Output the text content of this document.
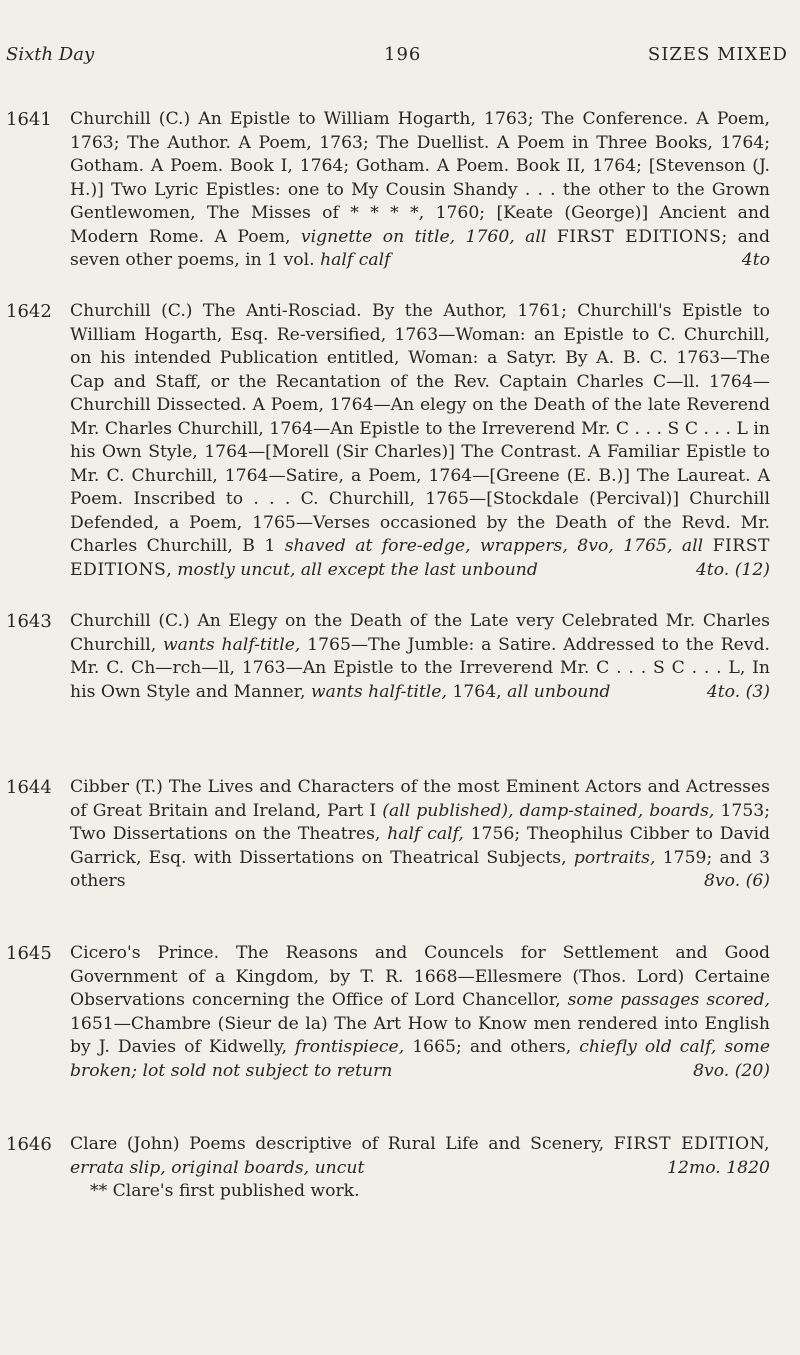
Sixth Day	196	SIZES MIXED
1641 Churchill (C.) An Epistle to William Hogarth, 1763; The Conference. A Poem, 1763; The Author. A Poem, 1763; The Duellist. A Poem in Three Books, 1764; Gotham. A Poem. Book I, 1764; Gotham. A Poem. Book II, 1764; [Stevenson (J. H.)] Two Lyric Epistles: one to My Cousin Shandy . . . the other to the Grown Gentlewomen, The Misses of * * * *, 1760; [Keate (George)] Ancient and Modern Rome. A Poem, vignette on title, 1760, all FIRST EDITIONS; and seven other poems, in 1 vol. half calf	4to
1642 Churchill (C.) The Anti-Rosciad. By the Author, 1761; Churchill's Epistle to William Hogarth, Esq. Re-versified, 1763—Woman: an Epistle to C. Churchill, on his intended Publication entitled, Woman: a Satyr. By A. B. C. 1763—The Cap and Staff, or the Recantation of the Rev. Captain Charles C—ll. 1764—Churchill Dissected. A Poem, 1764—An elegy on the Death of the late Reverend Mr. Charles Churchill, 1764—An Epistle to the Irreverend Mr. C . . . S C . . . L in his Own Style, 1764—[Morell (Sir Charles)] The Contrast. A Familiar Epistle to Mr. C. Churchill, 1764—Satire, a Poem, 1764—[Greene (E. B.)] The Laureat. A Poem. Inscribed to . . . C. Churchill, 1765—[Stockdale (Percival)] Churchill Defended, a Poem, 1765—Verses occasioned by the Death of the Revd. Mr. Charles Churchill, B 1 shaved at fore-edge, wrappers, 8vo, 1765, all FIRST EDITIONS, mostly uncut, all except the last unbound	4to. (12)
1643 Churchill (C.) An Elegy on the Death of the Late very Celebrated Mr. Charles Churchill, wants half-title, 1765—The Jumble: a Satire. Addressed to the Revd. Mr. C. Ch—rch—ll, 1763—An Epistle to the Irreverend Mr. C . . . S C . . . L, In his Own Style and Manner, wants half-title, 1764, all unbound	4to. (3)
1644 Cibber (T.) The Lives and Characters of the most Eminent Actors and Actresses of Great Britain and Ireland, Part I (all published), damp-stained, boards, 1753; Two Dissertations on the Theatres, half calf, 1756; Theophilus Cibber to David Garrick, Esq. with Dissertations on Theatrical Subjects, portraits, 1759; and 3 others	8vo. (6)
1645 Cicero's Prince. The Reasons and Councels for Settlement and Good Government of a Kingdom, by T. R. 1668—Ellesmere (Thos. Lord) Certaine Observations concerning the Office of Lord Chancellor, some passages scored, 1651—Chambre (Sieur de la) The Art How to Know men rendered into English by J. Davies of Kidwelly, frontispiece, 1665; and others, chiefly old calf, some broken; lot sold not subject to return	8vo. (20)
1646 Clare (John) Poems descriptive of Rural Life and Scenery, FIRST EDITION, errata slip, original boards, uncut	12mo. 1820
** Clare's first published work.
